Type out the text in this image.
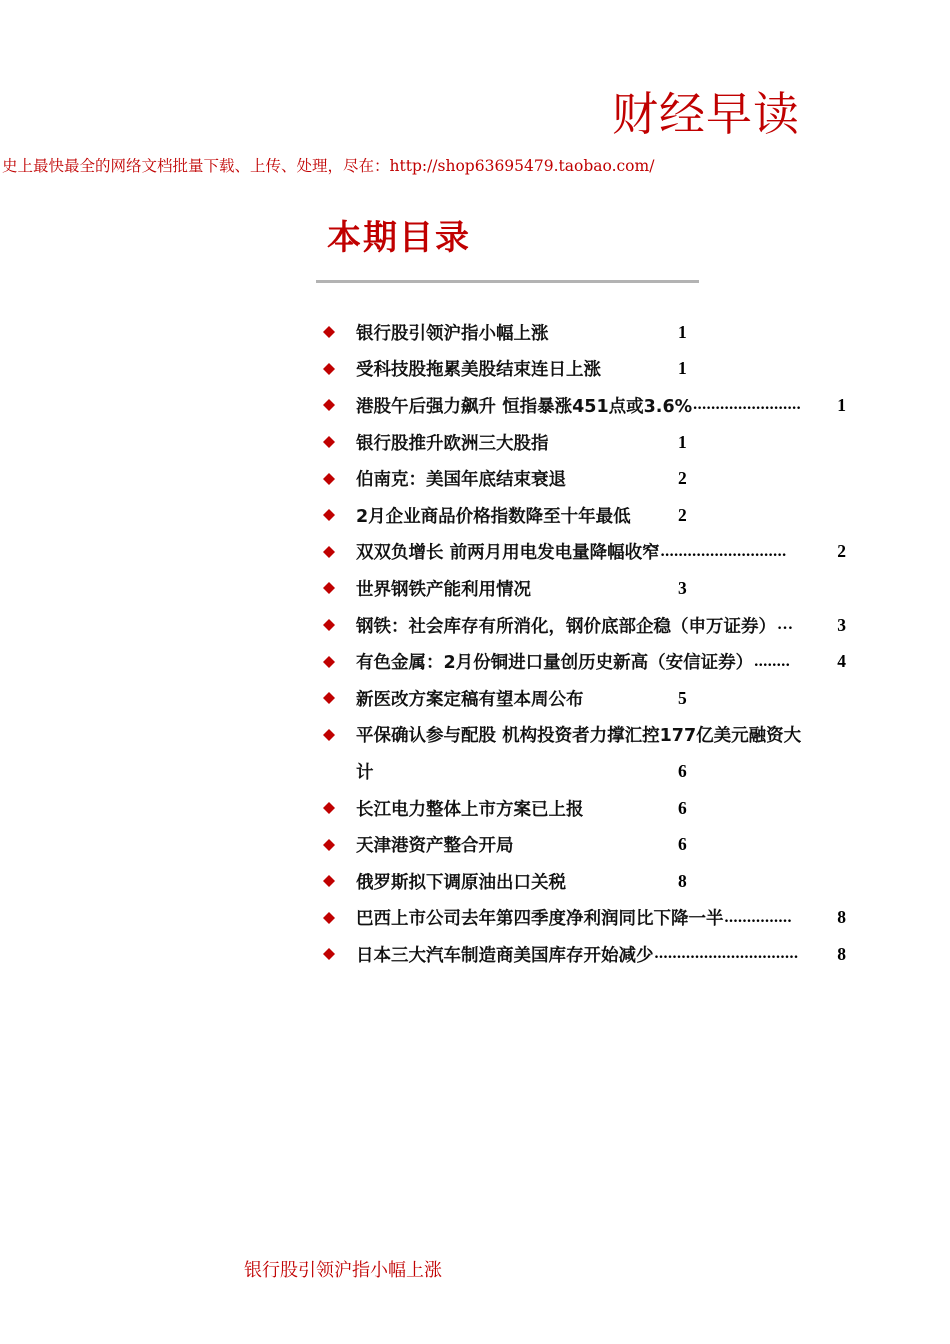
财经早读
史上最快最全的网络文档批量下载、上传、处理，尽在：http://shop63695479.taobao.com/
本期目录
银行股引领沪指小幅上涨	1
受科技股拖累美股结束连日上涨	1
港股午后强力飙升 恒指暴涨451点或3.6% ........................	1
银行股推升欧洲三大股指	1
伯南克：美国年底结束衰退	2
2月企业商品价格指数降至十年最低	2
双双负增长 前两月用电发电量降幅收窄 ............................	2
世界钢铁产能利用情况	3
钢铁：社会库存有所消化，钢价底部企稳（申万证券） …	3
有色金属：2月份铜进口量创历史新高（安信证券） ........	4
新医改方案定稿有望本周公布	5
平保确认参与配股 机构投资者力撑汇控177亿美元融资大
计	6
长江电力整体上市方案已上报	6
天津港资产整合开局	6
俄罗斯拟下调原油出口关税	8
巴西上市公司去年第四季度净利润同比下降一半 ...............	8
日本三大汽车制造商美国库存开始减少 ................................	8
银行股引领沪指小幅上涨
